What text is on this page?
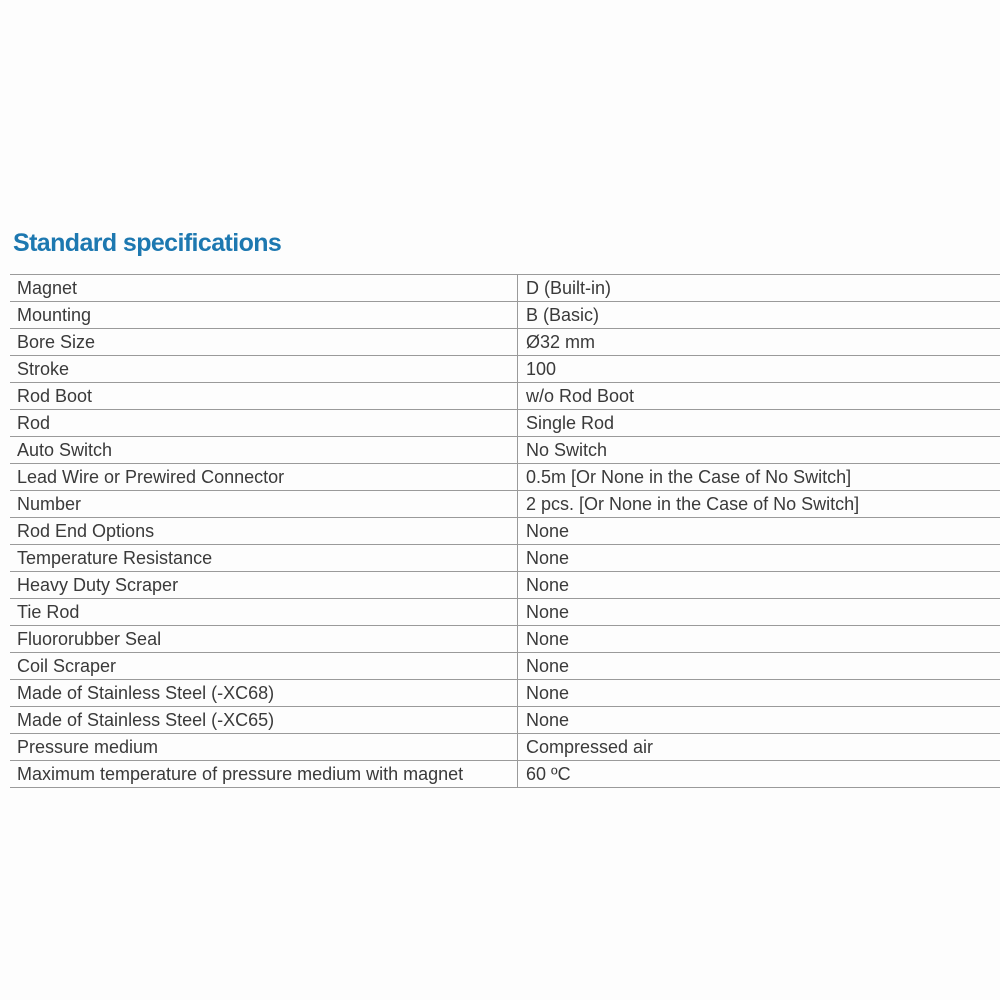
Standard specifications
Magnet	D (Built-in)
Mounting	B (Basic)
Bore Size	Ø32 mm
Stroke	100
Rod Boot	w/o Rod Boot
Rod	Single Rod
Auto Switch	No Switch
Lead Wire or Prewired Connector	0.5m [Or None in the Case of No Switch]
Number	2 pcs. [Or None in the Case of No Switch]
Rod End Options	None
Temperature Resistance	None
Heavy Duty Scraper	None
Tie Rod	None
Fluororubber Seal	None
Coil Scraper	None
Made of Stainless Steel (-XC68)	None
Made of Stainless Steel (-XC65)	None
Pressure medium	Compressed air
Maximum temperature of pressure medium with magnet	60 ºC
